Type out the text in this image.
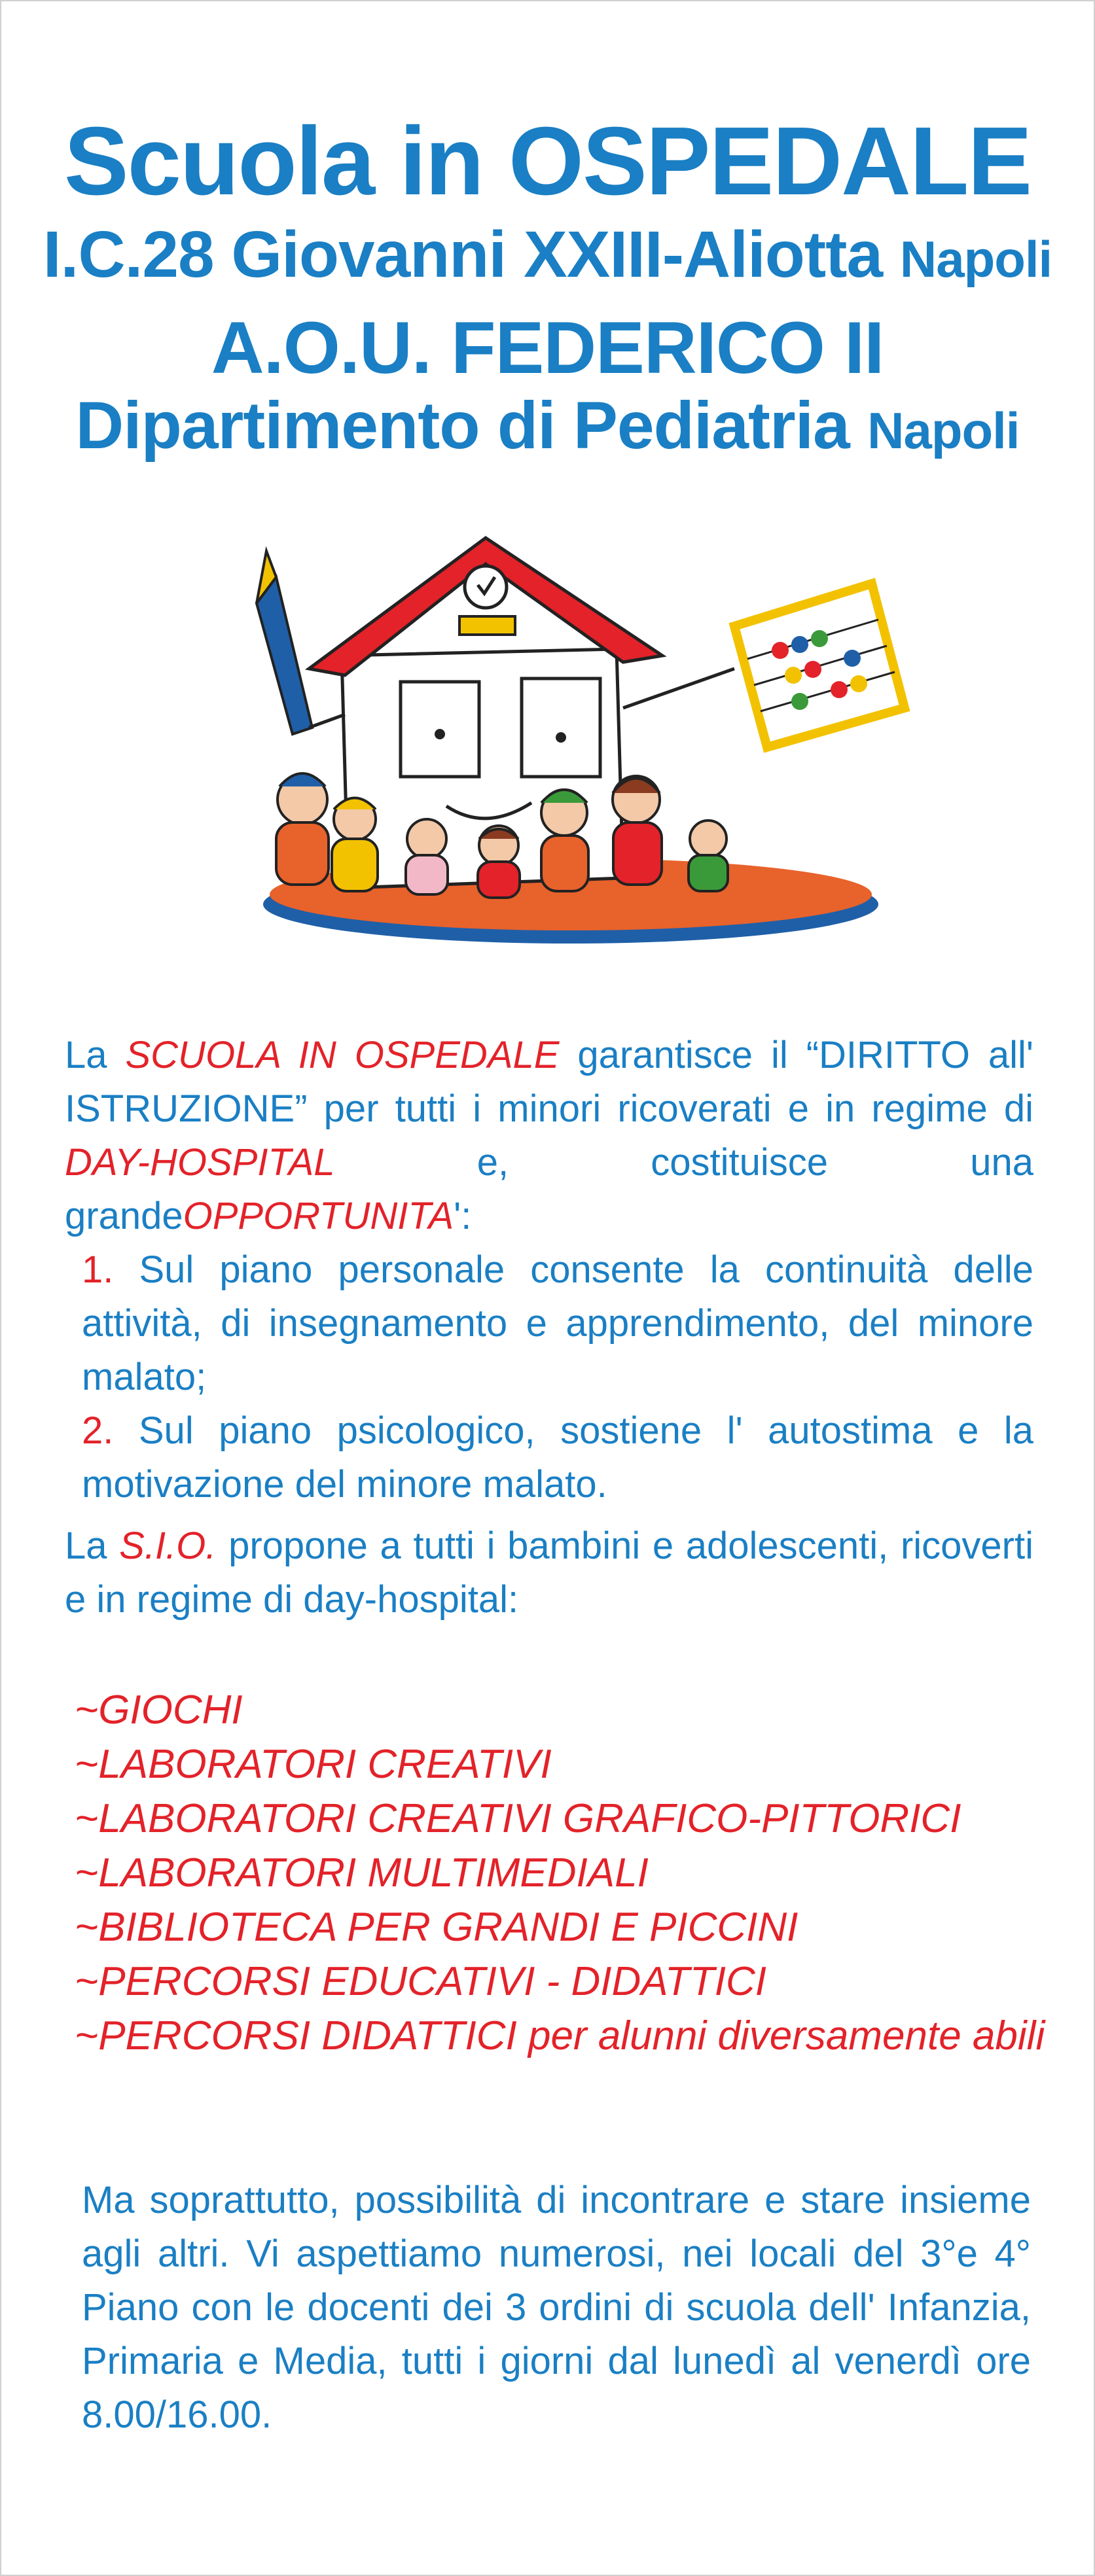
Scuola in OSPEDALE
I.C.28 Giovanni XXIII-Aliotta Napoli
A.O.U. FEDERICO II
Dipartimento di Pediatria Napoli
La SCUOLA IN OSPEDALE garantisce il “DIRITTO all' ISTRUZIONE” per tutti i minori ricoverati e in regime di DAY-HOSPITAL	e, costituisce una grandeOPPORTUNITA':
1. Sul piano personale consente la continuità delle attività, di insegnamento e apprendimento, del minore malato;
2. Sul piano psicologico, sostiene l' autostima e la motivazione del minore malato.
La S.I.O. propone a tutti i bambini e adolescenti, ricoverti e in regime di day-hospital:
~GIOCHI
~LABORATORI CREATIVI
~LABORATORI CREATIVI GRAFICO-PITTORICI
~LABORATORI MULTIMEDIALI
~BIBLIOTECA PER GRANDI E PICCINI
~PERCORSI EDUCATIVI - DIDATTICI
~PERCORSI DIDATTICI per alunni diversamente abili
Ma soprattutto, possibilità di incontrare e stare insieme agli altri. Vi aspettiamo numerosi, nei locali del 3°e 4° Piano con le docenti dei 3 ordini di scuola dell' Infanzia, Primaria e Media, tutti i giorni dal lunedì al venerdì ore 8.00/16.00.
